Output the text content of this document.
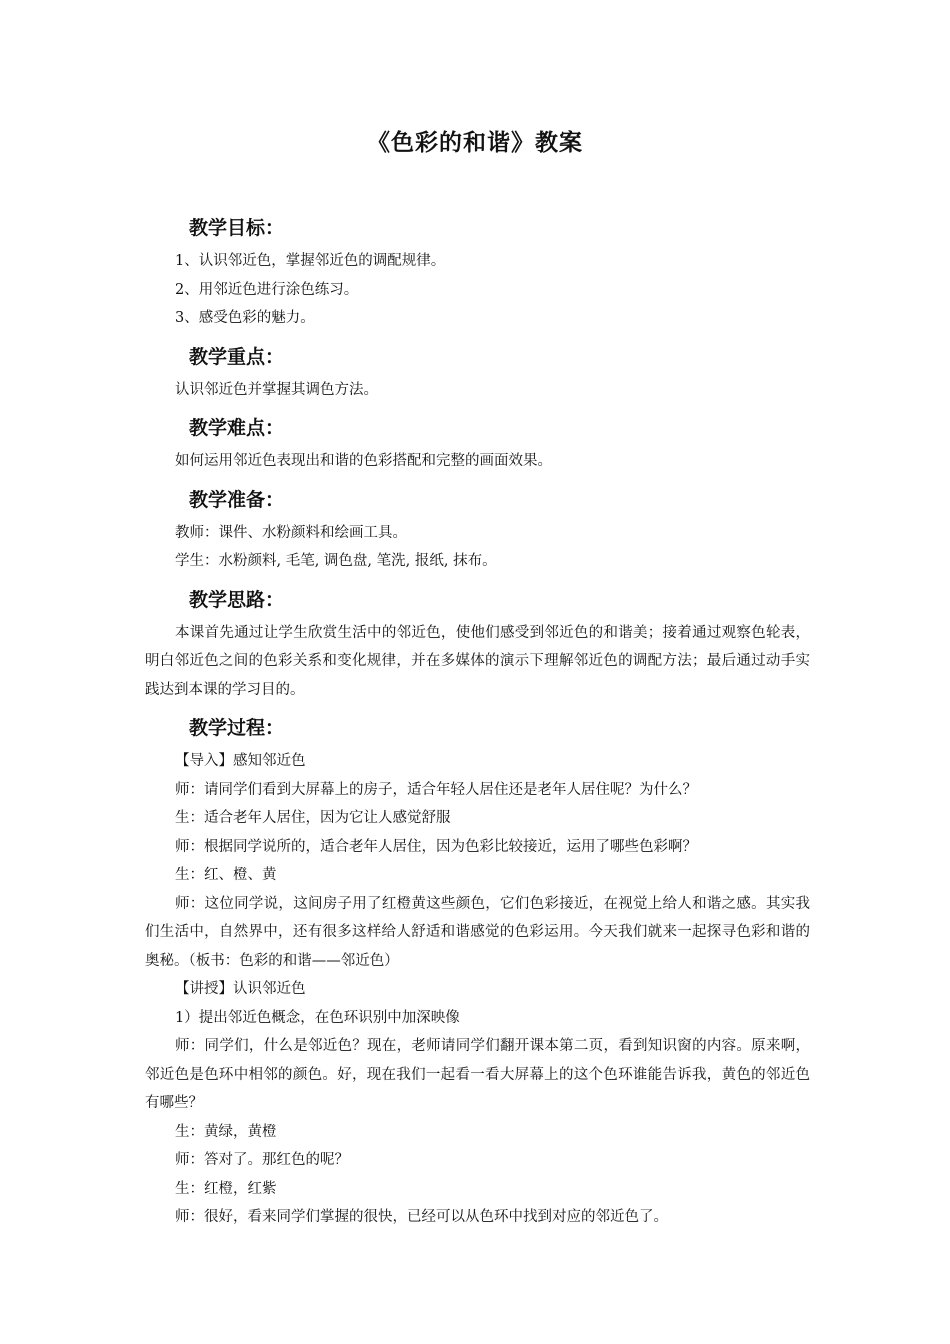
《色彩的和谐》教案
教学目标：
1、认识邻近色，掌握邻近色的调配规律。
2、用邻近色进行涂色练习。
3、感受色彩的魅力。
教学重点：
认识邻近色并掌握其调色方法。
教学难点：
如何运用邻近色表现出和谐的色彩搭配和完整的画面效果。
教学准备：
教师：课件、水粉颜料和绘画工具。
学生：水粉颜料, 毛笔, 调色盘, 笔洗, 报纸, 抹布。
教学思路：
本课首先通过让学生欣赏生活中的邻近色，使他们感受到邻近色的和谐美；接着通过观察色轮表，明白邻近色之间的色彩关系和变化规律，并在多媒体的演示下理解邻近色的调配方法；最后通过动手实践达到本课的学习目的。
教学过程：
【导入】感知邻近色
师：请同学们看到大屏幕上的房子，适合年轻人居住还是老年人居住呢？为什么？
生：适合老年人居住，因为它让人感觉舒服
师：根据同学说所的，适合老年人居住，因为色彩比较接近，运用了哪些色彩啊？
生：红、橙、黄
师：这位同学说，这间房子用了红橙黄这些颜色，它们色彩接近，在视觉上给人和谐之感。其实我们生活中，自然界中，还有很多这样给人舒适和谐感觉的色彩运用。今天我们就来一起探寻色彩和谐的奥秘。（板书：色彩的和谐——邻近色）
【讲授】认识邻近色
1）提出邻近色概念，在色环识别中加深映像
师：同学们，什么是邻近色？现在，老师请同学们翻开课本第二页，看到知识窗的内容。原来啊，邻近色是色环中相邻的颜色。好，现在我们一起看一看大屏幕上的这个色环谁能告诉我，黄色的邻近色有哪些？
生：黄绿，黄橙
师：答对了。那红色的呢？
生：红橙，红紫
师：很好，看来同学们掌握的很快，已经可以从色环中找到对应的邻近色了。
